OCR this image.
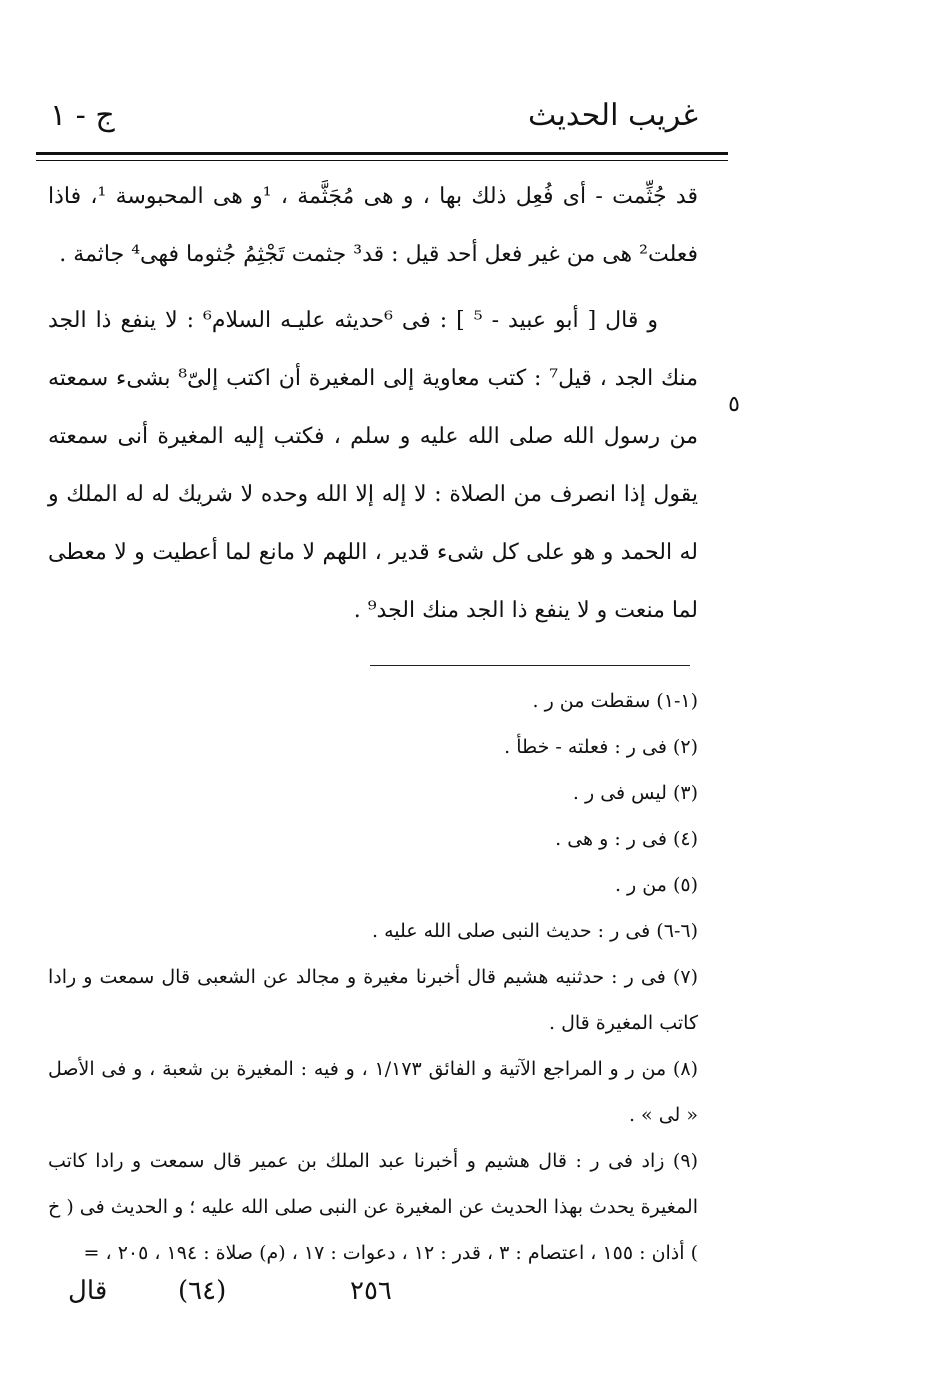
غريب الحديث
ج - ١

قد جُثِّمت - أى فُعِل ذلك بها ، و هى مُجَثَّمة ، ¹و هى المحبوسة ¹، فاذا فعلت² هى من غير فعل أحد قيل : قد³ جثمت تَجْثِمُ جُثوما فهى⁴ جاثمة .

و قال [ أبو عبيد - ⁵ ] : فى ⁶حديثه عليـه السلام⁶ : لا ينفع ذا الجد منك الجد ، قيل⁷ : كتب معاوية إلى المغيرة أن اكتب إلىّ⁸ بشىء سمعته من رسول الله صلى الله عليه و سلم ، فكتب إليه المغيرة أنى سمعته يقول إذا انصرف من الصلاة : لا إله إلا الله وحده لا شريك له له الملك و له الحمد و هو على كل شىء قدير ، اللهم لا مانع لما أعطيت و لا معطى لما منعت و لا ينفع ذا الجد منك الجد⁹ .

٥

(١-١) سقطت من ر .

(٢) فى ر : فعلته - خطأ .

(٣) ليس فى ر .

(٤) فى ر : و هى .

(٥) من ر .

(٦-٦) فى ر : حديث النبى صلى الله عليه .

(٧) فى ر : حدثنيه هشيم قال أخبرنا مغيرة و مجالد عن الشعبى قال سمعت و رادا كاتب المغيرة قال .

(٨) من ر و المراجع الآتية و الفائق ١/١٧٣ ، و فيه : المغيرة بن شعبة ، و فى الأصل « لى » .

(٩) زاد فى ر : قال هشيم و أخبرنا عبد الملك بن عمير قال سمعت و رادا كاتب المغيرة يحدث بهذا الحديث عن المغيرة عن النبى صلى الله عليه ؛ و الحديث فى ( خ ) أذان : ١٥٥ ، اعتصام : ٣ ، قدر : ١٢ ، دعوات : ١٧ ، (م) صلاة : ١٩٤ ، ٢٠٥ ، =

٢٥٦
(٦٤)
قال
